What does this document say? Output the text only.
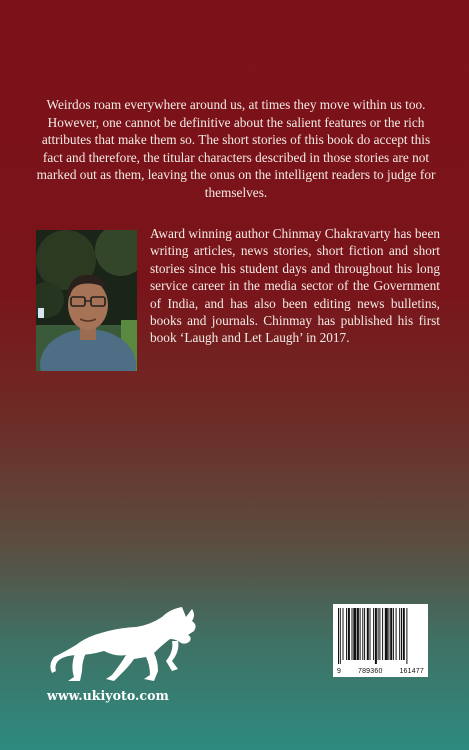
Weirdos roam everywhere around us, at times they move within us too. However, one cannot be definitive about the salient features or the rich attributes that make them so. The short stories of this book do accept this fact and therefore, the titular characters described in those stories are not marked out as them, leaving the onus on the intelligent readers to judge for themselves.
Award winning author Chinmay Chakravarty has been writing articles, news stories, short fiction and short stories since his student days and throughout his long service career in the media sector of the Government of India, and has also been editing news bulletins, books and journals. Chinmay has published his first book ‘Laugh and Let Laugh’ in 2017.
www.ukiyoto.com
9 789360 161477
